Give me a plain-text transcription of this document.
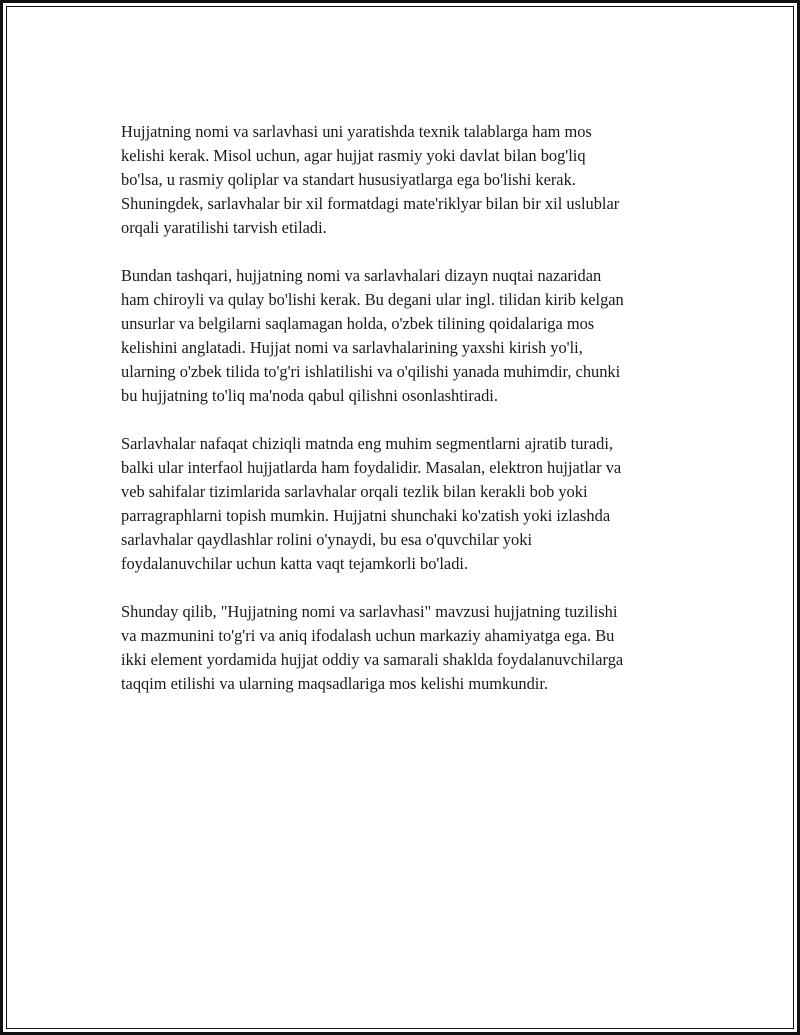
Hujjatning nomi va sarlavhasi uni yaratishda texnik talablarga ham mos
kelishi kerak. Misol uchun, agar hujjat rasmiy yoki davlat bilan bog'liq
bo'lsa, u rasmiy qoliplar va standart hususiyatlarga ega bo'lishi kerak.
Shuningdek, sarlavhalar bir xil formatdagi mate'riklyar bilan bir xil uslublar
orqali yaratilishi tarvish etiladi.

Bundan tashqari, hujjatning nomi va sarlavhalari dizayn nuqtai nazaridan
ham chiroyli va qulay bo'lishi kerak. Bu degani ular ingl. tilidan kirib kelgan
unsurlar va belgilarni saqlamagan holda, o'zbek tilining qoidalariga mos
kelishini anglatadi. Hujjat nomi va sarlavhalarining yaxshi kirish yo'li,
ularning o'zbek tilida to'g'ri ishlatilishi va o'qilishi yanada muhimdir, chunki
bu hujjatning to'liq ma'noda qabul qilishni osonlashtiradi.

Sarlavhalar nafaqat chiziqli matnda eng muhim segmentlarni ajratib turadi,
balki ular interfaol hujjatlarda ham foydalidir. Masalan, elektron hujjatlar va
veb sahifalar tizimlarida sarlavhalar orqali tezlik bilan kerakli bob yoki
parragraphlarni topish mumkin. Hujjatni shunchaki ko'zatish yoki izlashda
sarlavhalar qaydlashlar rolini o'ynaydi, bu esa o'quvchilar yoki
foydalanuvchilar uchun katta vaqt tejamkorli bo'ladi.

Shunday qilib, "Hujjatning nomi va sarlavhasi" mavzusi hujjatning tuzilishi
va mazmunini to'g'ri va aniq ifodalash uchun markaziy ahamiyatga ega. Bu
ikki element yordamida hujjat oddiy va samarali shaklda foydalanuvchilarga
taqqim etilishi va ularning maqsadlariga mos kelishi mumkundir.
